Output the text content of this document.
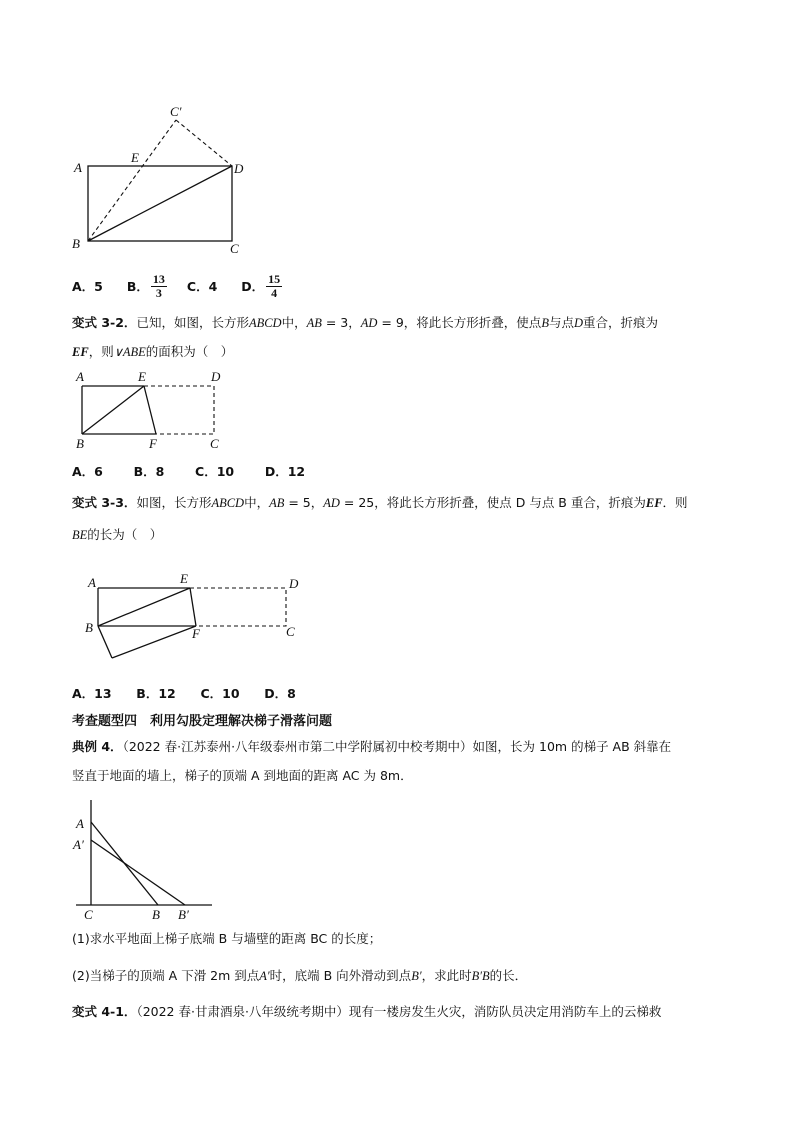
C′
A
E
D
B	C
A．5 B． $\frac{13}{3}$ C．4 D． $\frac{15}{4}$
变式 3-2．已知，如图，长方形ABCD中，AB = 3，AD = 9，将此长方形折叠，使点B与点D重合，折痕为
EF，则∨ABE的面积为（　）
A	E	D
B	F	C
A．6 B．8 C．10 D．12
变式 3-3．如图，长方形ABCD中，AB = 5，AD = 25，将此长方形折叠，使点 D 与点 B 重合，折痕为EF．则
BE的长为（　）
A	E	D
B	F	C
A．13 B．12 C．10 D．8
考查题型四　利用勾股定理解决梯子滑落问题
典例 4．（2022 春·江苏泰州·八年级泰州市第二中学附属初中校考期中）如图，长为 10m 的梯子 AB 斜靠在
竖直于地面的墙上，梯子的顶端 A 到地面的距离 AC 为 8m．
A
A′
C	B B′
(1)求水平地面上梯子底端 B 与墙壁的距离 BC 的长度；
(2)当梯子的顶端 A 下滑 2m 到点A′时，底端 B 向外滑动到点B′，求此时B′B的长．
变式 4-1．（2022 春·甘肃酒泉·八年级统考期中）现有一楼房发生火灾，消防队员决定用消防车上的云梯救
